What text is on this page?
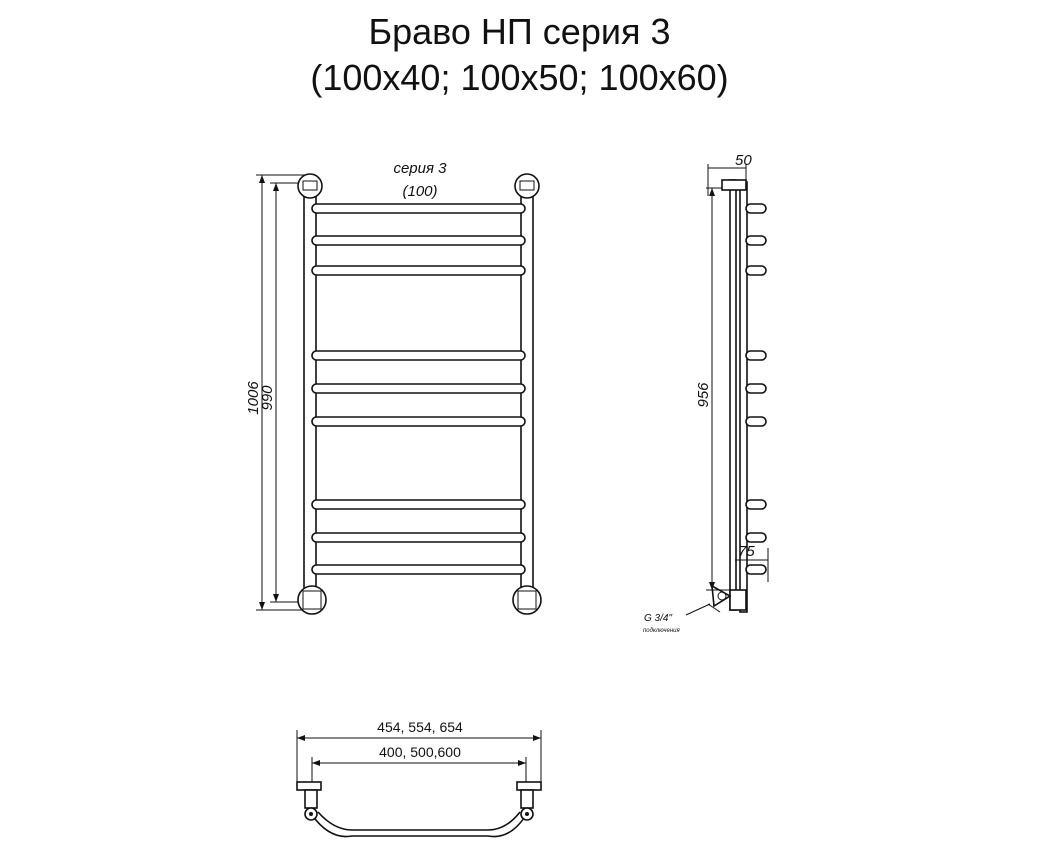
Браво НП серия 3
(100х40; 100х50; 100х60)
серия 3
(100)
1006
990
50
956
75
G 3/4"
подключения
454, 554, 654
400, 500,600
